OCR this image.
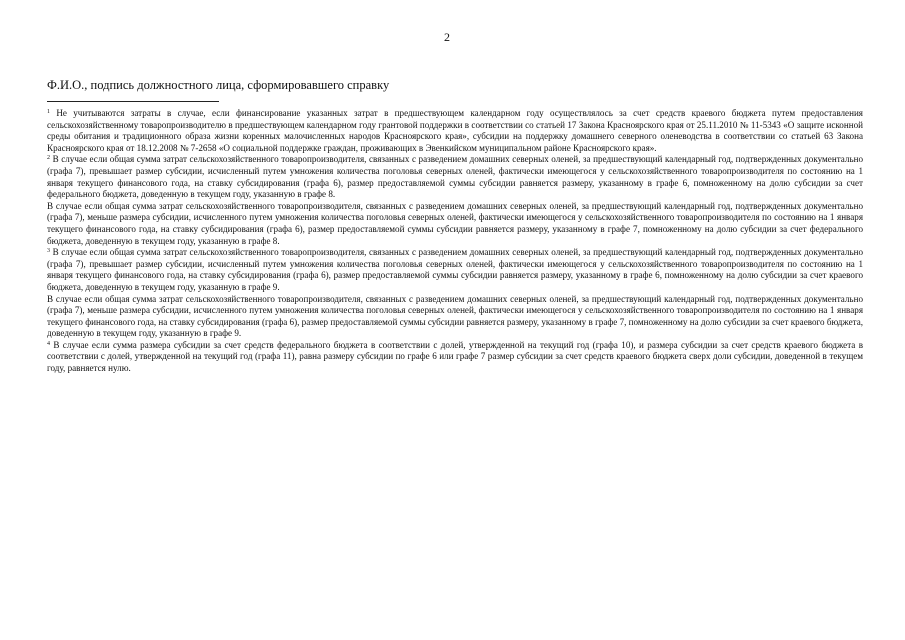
2
Ф.И.О., подпись должностного лица, сформировавшего справку

$^1$ Не учитываются затраты в случае, если финансирование указанных затрат в предшествующем календарном году осуществлялось за счет средств краевого бюджета путем предоставления сельскохозяйственному товаропроизводителю в предшествующем календарном году грантовой поддержки в соответствии со статьей 17 Закона Красноярского края от 25.11.2010 № 11-5343 «О защите исконной среды обитания и традиционного образа жизни коренных малочисленных народов Красноярского края», субсидии на поддержку домашнего северного оленеводства в соответствии со статьей 63 Закона Красноярского края от 18.12.2008 № 7-2658 «О социальной поддержке граждан, проживающих в Эвенкийском муниципальном районе Красноярского края».

$^2$ В случае если общая сумма затрат сельскохозяйственного товаропроизводителя, связанных с разведением домашних северных оленей, за предшествующий календарный год, подтвержденных документально (графа 7), превышает размер субсидии, исчисленный путем умножения количества поголовья северных оленей, фактически имеющегося у сельскохозяйственного товаропроизводителя по состоянию на 1 января текущего финансового года, на ставку субсидирования (графа 6), размер предоставляемой суммы субсидии равняется размеру, указанному в графе 6, помноженному на долю субсидии за счет федерального бюджета, доведенную в текущем году, указанную в графе 8.

В случае если общая сумма затрат сельскохозяйственного товаропроизводителя, связанных с разведением домашних северных оленей, за предшествующий календарный год, подтвержденных документально (графа 7), меньше размера субсидии, исчисленного путем умножения количества поголовья северных оленей, фактически имеющегося у сельскохозяйственного товаропроизводителя по состоянию на 1 января текущего финансового года, на ставку субсидирования (графа 6), размер предоставляемой суммы субсидии равняется размеру, указанному в графе 7, помноженному на долю субсидии за счет федерального бюджета, доведенную в текущем году, указанную в графе 8.

$^3$ В случае если общая сумма затрат сельскохозяйственного товаропроизводителя, связанных с разведением домашних северных оленей, за предшествующий календарный год, подтвержденных документально (графа 7), превышает размер субсидии, исчисленный путем умножения количества поголовья северных оленей, фактически имеющегося у сельскохозяйственного товаропроизводителя по состоянию на 1 января текущего финансового года, на ставку субсидирования (графа 6), размер предоставляемой суммы субсидии равняется размеру, указанному в графе 6, помноженному на долю субсидии за счет краевого бюджета, доведенную в текущем году, указанную в графе 9.

В случае если общая сумма затрат сельскохозяйственного товаропроизводителя, связанных с разведением домашних северных оленей, за предшествующий календарный год, подтвержденных документально (графа 7), меньше размера субсидии, исчисленного путем умножения количества поголовья северных оленей, фактически имеющегося у сельскохозяйственного товаропроизводителя по состоянию на 1 января текущего финансового года, на ставку субсидирования (графа 6), размер предоставляемой суммы субсидии равняется размеру, указанному в графе 7, помноженному на долю субсидии за счет краевого бюджета, доведенную в текущем году, указанную в графе 9.

$^4$ В случае если сумма размера субсидии за счет средств федерального бюджета в соответствии с долей, утвержденной на текущий год (графа 10), и размера субсидии за счет средств краевого бюджета в соответствии с долей, утвержденной на текущий год (графа 11), равна размеру субсидии по графе 6 или графе 7 размер субсидии за счет средств краевого бюджета сверх доли субсидии, доведенной в текущем году, равняется нулю.
